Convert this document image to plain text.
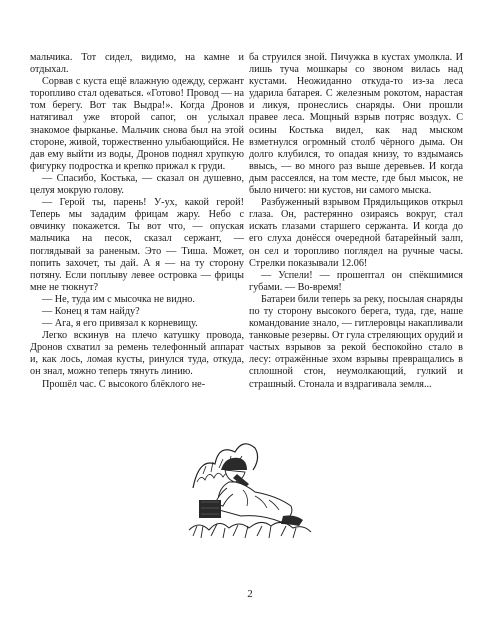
мальчика. Тот сидел, видимо, на камне и отдыхал.

Сорвав с куста ещё влажную одежду, сержант торопливо стал одеваться. «Готово! Провод — на том берегу. Вот так Выдра!». Когда Дронов натягивал уже второй сапог, он услыхал знакомое фырканье. Мальчик снова был на этой стороне, живой, торжественно улыбающийся. Не дав ему выйти из воды, Дронов поднял хрупкую фигурку подростка и крепко прижал к груди.

— Спасибо, Костька, — сказал он душевно, целуя мокрую голову.

— Герой ты, парень! У-ух, какой герой! Теперь мы зададим фрицам жару. Небо с овчинку покажется. Ты вот что, — опуская мальчика на песок, сказал сержант, — поглядывай за раненым. Это — Тиша. Может, попить захочет, ты дай. А я — на ту сторону потяну. Если поплыву левее островка — фрицы мне не тюкнут?

— Не, туда им с мысочка не видно.

— Конец я там найду?

— Ага, я его привязал к корневищу.

Легко вскинув на плечо катушку провода, Дронов схватил за ремень телефонный аппарат и, как лось, ломая кусты, ринулся туда, откуда, он знал, можно теперь тянуть линию.

Прошёл час. С высокого блёклого не-

ба струился зной. Пичужка в кустах умолкла. И лишь туча мошкары со звоном вилась над кустами. Неожиданно откуда-то из-за леса ударила батарея. С железным рокотом, нарастая и ликуя, пронеслись снаряды. Они прошли правее леса. Мощный взрыв потряс воздух. С осины Костька видел, как над мыском взметнулся огромный столб чёрного дыма. Он долго клубился, то опадая книзу, то вздымаясь ввысь, — во много раз выше деревьев. И когда дым рассеялся, на том месте, где был мысок, не было ничего: ни кустов, ни самого мыска.

Разбуженный взрывом Прядильщиков открыл глаза. Он, растерянно озираясь вокруг, стал искать глазами старшего сержанта. И когда до его слуха донёсся очередной батарейный залп, он сел и торопливо поглядел на ручные часы. Стрелки показывали 12.06!

— Успели! — прошептал он спёкшимися губами. — Во-время!

Батареи били теперь за реку, посылая снаряды по ту сторону высокого берега, туда, где, наше командование знало, — гитлеровцы накапливали танковые резервы. От гула стреляющих орудий и частых взрывов за рекой беспокойно стало в лесу: отражённые эхом взрывы превращались в сплошной стон, неумолкающий, гулкий и страшный. Стонала и вздрагивала земля...

2
